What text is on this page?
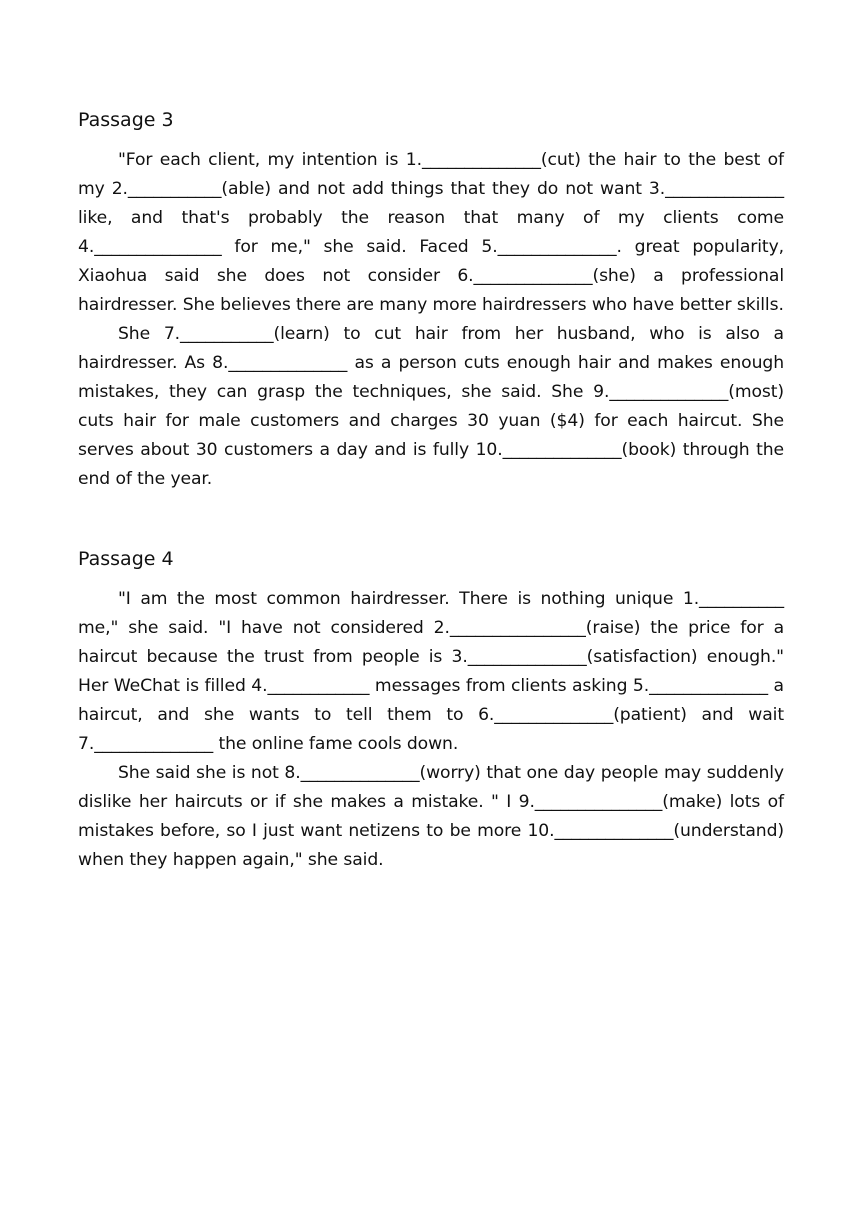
Passage 3

"For each client, my intention is 1.______________(cut) the hair to the best of my 2.___________(able) and not add things that they do not want 3.______________ like, and that's probably the reason that many of my clients come 4._______________ for me," she said. Faced 5.______________. great popularity, Xiaohua said she does not consider 6.______________(she) a professional hairdresser. She believes there are many more hairdressers who have better skills.

She 7.___________(learn) to cut hair from her husband, who is also a hairdresser. As 8.______________ as a person cuts enough hair and makes enough mistakes, they can grasp the techniques, she said. She 9.______________(most) cuts hair for male customers and charges 30 yuan ($4) for each haircut. She serves about 30 customers a day and is fully 10.______________(book) through the end of the year.

Passage 4

"I am the most common hairdresser. There is nothing unique 1.__________ me," she said. "I have not considered 2.________________(raise) the price for a haircut because the trust from people is 3.______________(satisfaction) enough." Her WeChat is filled 4.____________ messages from clients asking 5.______________ a haircut, and she wants to tell them to 6.______________(patient) and wait 7.______________ the online fame cools down.

She said she is not 8.______________(worry) that one day people may suddenly dislike her haircuts or if she makes a mistake. " I 9._______________(make) lots of mistakes before, so I just want netizens to be more 10.______________(understand) when they happen again," she said.
